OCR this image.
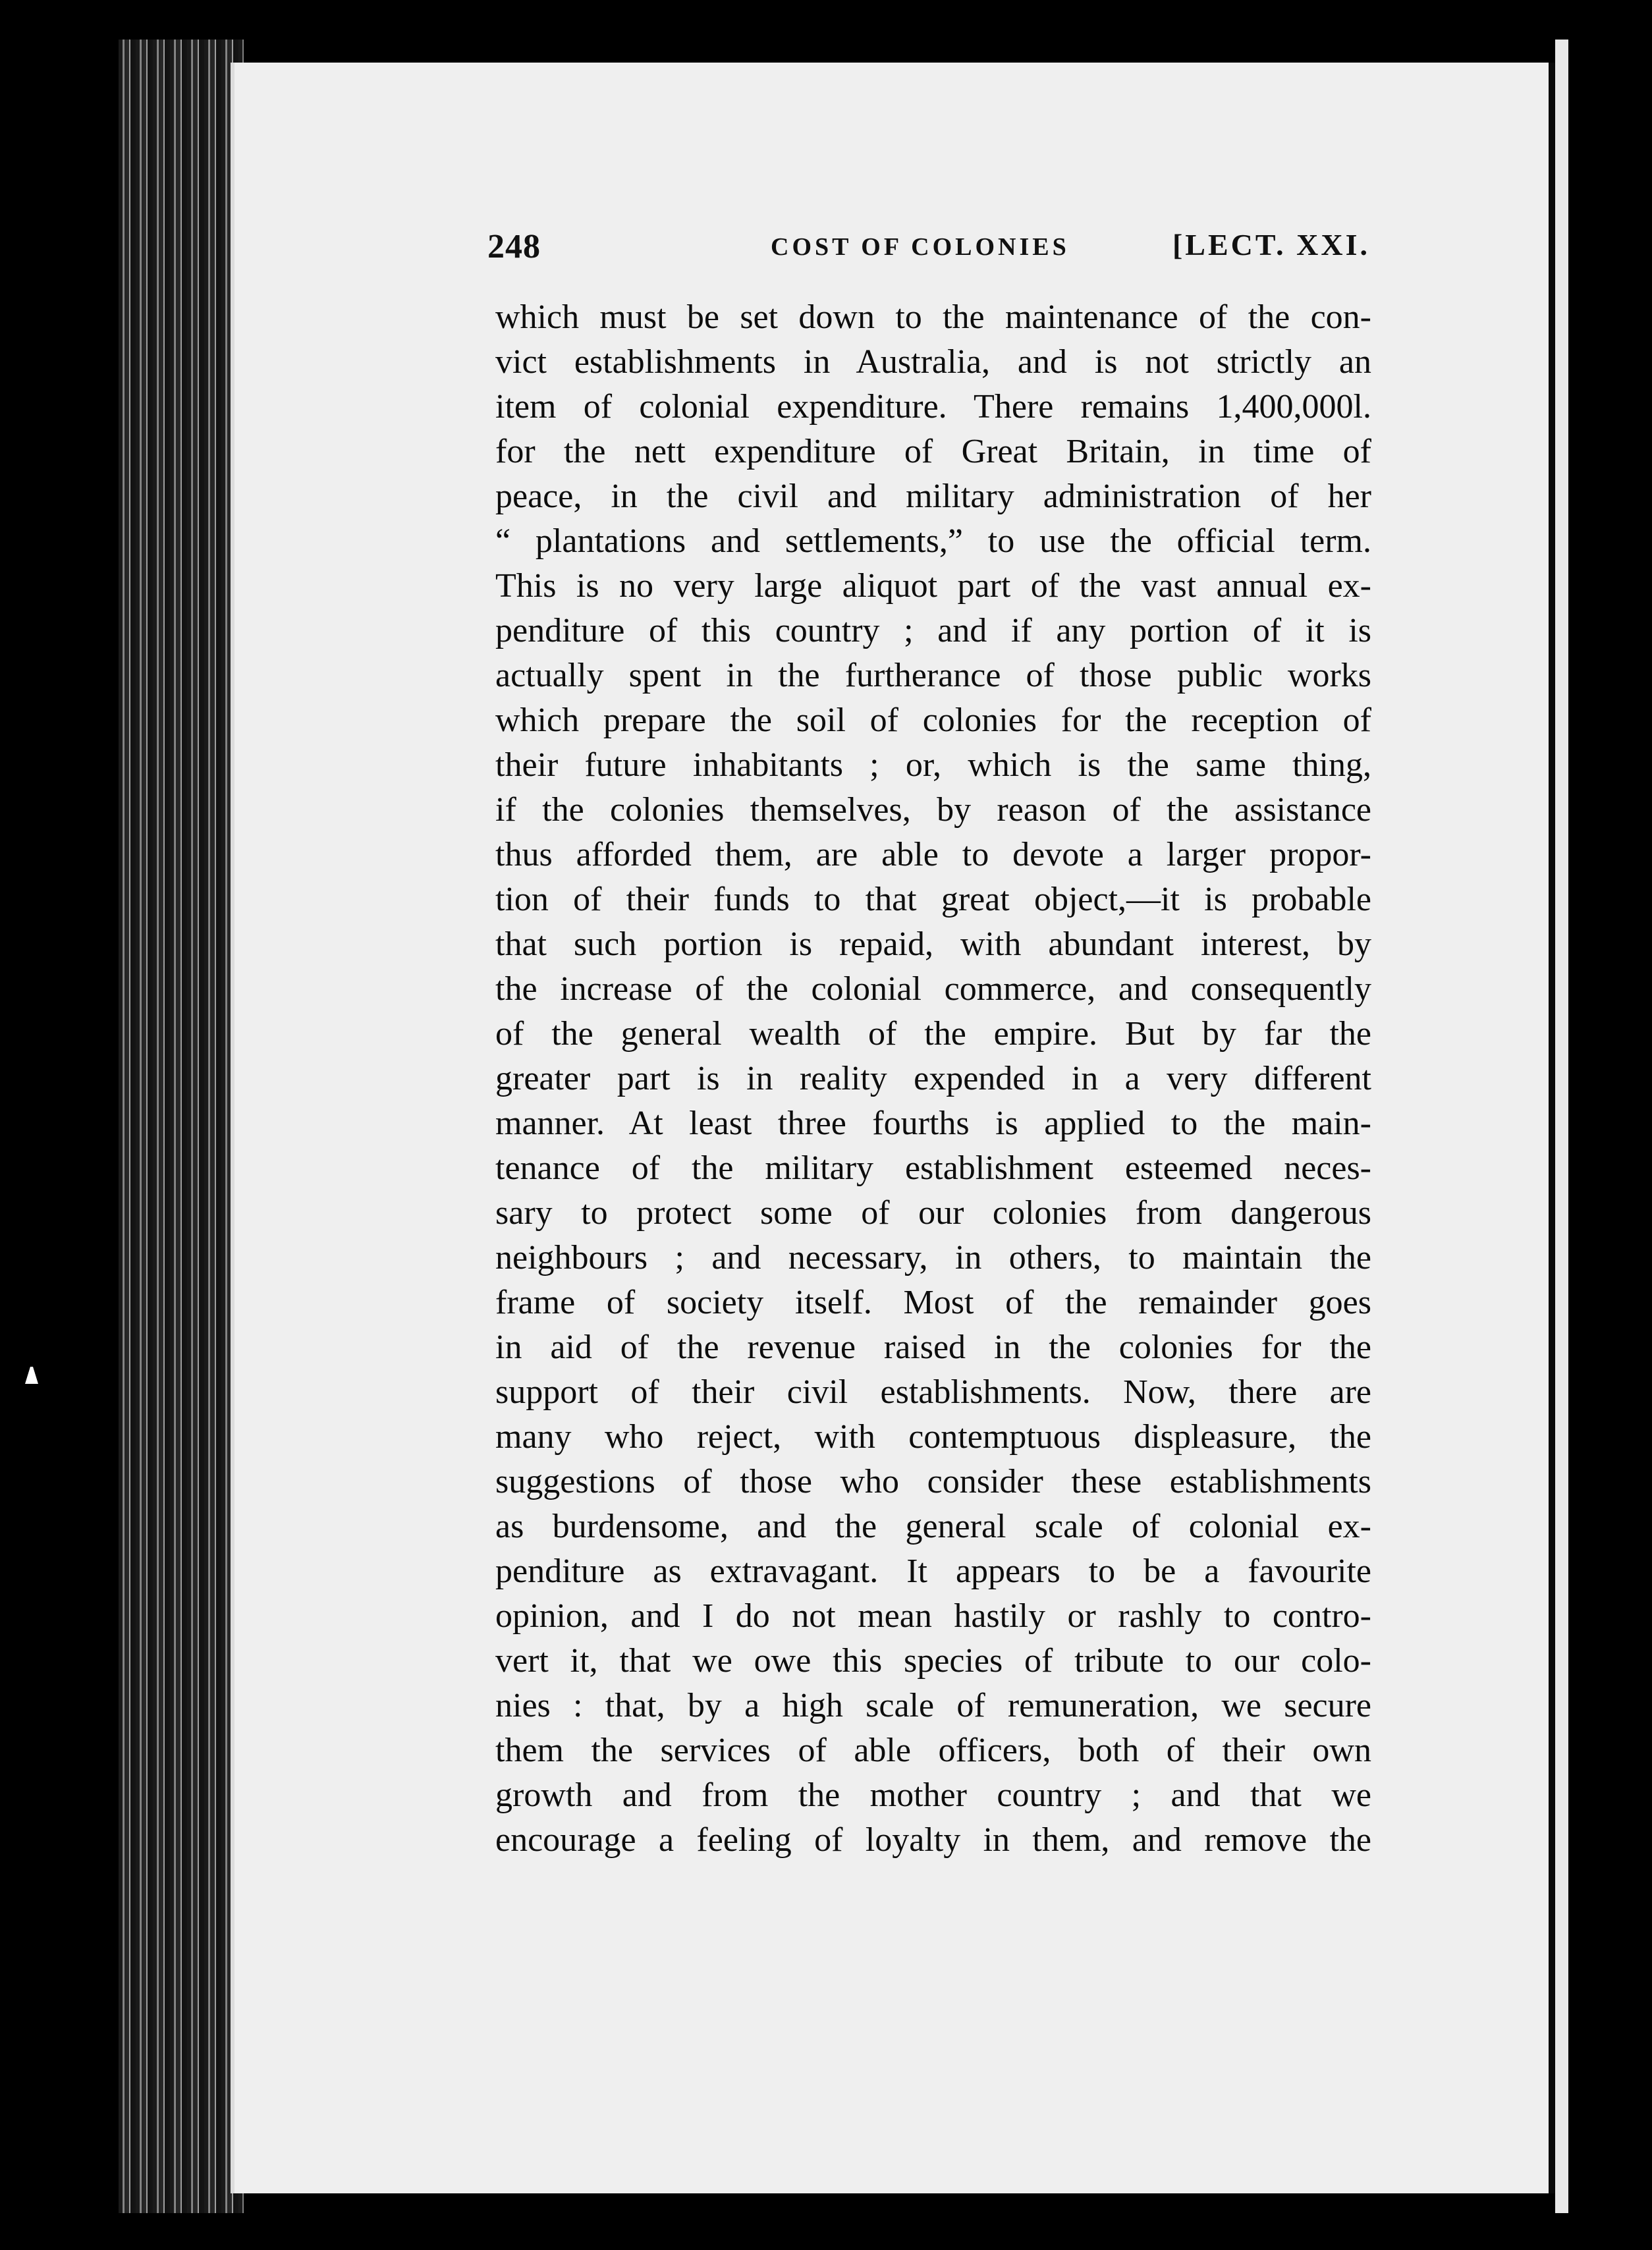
248	COST OF COLONIES	[LECT. XXI.
which must be set down to the maintenance of the con-
vict establishments in Australia, and is not strictly an
item of colonial expenditure. There remains 1,400,000l.
for the nett expenditure of Great Britain, in time of
peace, in the civil and military administration of her
“ plantations and settlements,” to use the official term.
This is no very large aliquot part of the vast annual ex-
penditure of this country ; and if any portion of it is
actually spent in the furtherance of those public works
which prepare the soil of colonies for the reception of
their future inhabitants ; or, which is the same thing,
if the colonies themselves, by reason of the assistance
thus afforded them, are able to devote a larger propor-
tion of their funds to that great object,—it is probable
that such portion is repaid, with abundant interest, by
the increase of the colonial commerce, and consequently
of the general wealth of the empire. But by far the
greater part is in reality expended in a very different
manner. At least three fourths is applied to the main-
tenance of the military establishment esteemed neces-
sary to protect some of our colonies from dangerous
neighbours ; and necessary, in others, to maintain the
frame of society itself. Most of the remainder goes
in aid of the revenue raised in the colonies for the
support of their civil establishments. Now, there are
many who reject, with contemptuous displeasure, the
suggestions of those who consider these establishments
as burdensome, and the general scale of colonial ex-
penditure as extravagant. It appears to be a favourite
opinion, and I do not mean hastily or rashly to contro-
vert it, that we owe this species of tribute to our colo-
nies : that, by a high scale of remuneration, we secure
them the services of able officers, both of their own
growth and from the mother country ; and that we
encourage a feeling of loyalty in them, and remove the
